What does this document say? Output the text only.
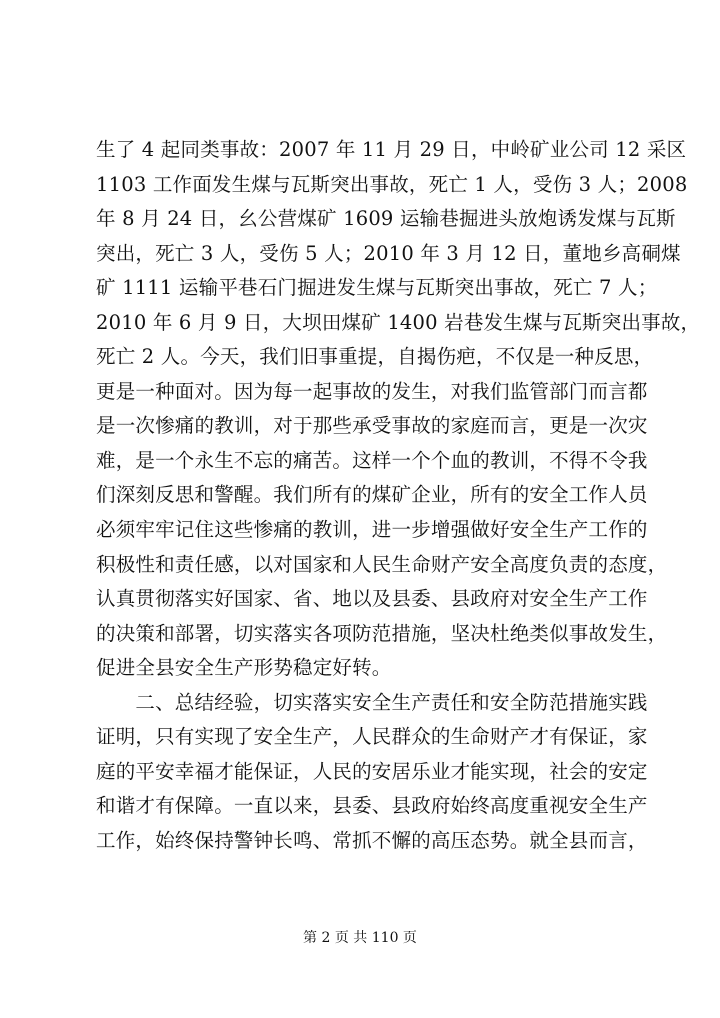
生了 4 起同类事故：2007 年 11 月 29 日，中岭矿业公司 12 采区
1103 工作面发生煤与瓦斯突出事故，死亡 1 人，受伤 3 人；2008
年 8 月 24 日，幺公营煤矿 1609 运输巷掘进头放炮诱发煤与瓦斯
突出，死亡 3 人，受伤 5 人；2010 年 3 月 12 日，董地乡高硐煤
矿 1111 运输平巷石门掘进发生煤与瓦斯突出事故，死亡 7 人；
2010 年 6 月 9 日，大坝田煤矿 1400 岩巷发生煤与瓦斯突出事故，
死亡 2 人。今天，我们旧事重提，自揭伤疤，不仅是一种反思，
更是一种面对。因为每一起事故的发生，对我们监管部门而言都
是一次惨痛的教训，对于那些承受事故的家庭而言，更是一次灾
难，是一个永生不忘的痛苦。这样一个个血的教训，不得不令我
们深刻反思和警醒。我们所有的煤矿企业，所有的安全工作人员
必须牢牢记住这些惨痛的教训，进一步增强做好安全生产工作的
积极性和责任感，以对国家和人民生命财产安全高度负责的态度，
认真贯彻落实好国家、省、地以及县委、县政府对安全生产工作
的决策和部署，切实落实各项防范措施，坚决杜绝类似事故发生，
促进全县安全生产形势稳定好转。
　　二、总结经验，切实落实安全生产责任和安全防范措施实践
证明，只有实现了安全生产，人民群众的生命财产才有保证，家
庭的平安幸福才能保证，人民的安居乐业才能实现，社会的安定
和谐才有保障。一直以来，县委、县政府始终高度重视安全生产
工作，始终保持警钟长鸣、常抓不懈的高压态势。就全县而言，
第 2 页 共 110 页
